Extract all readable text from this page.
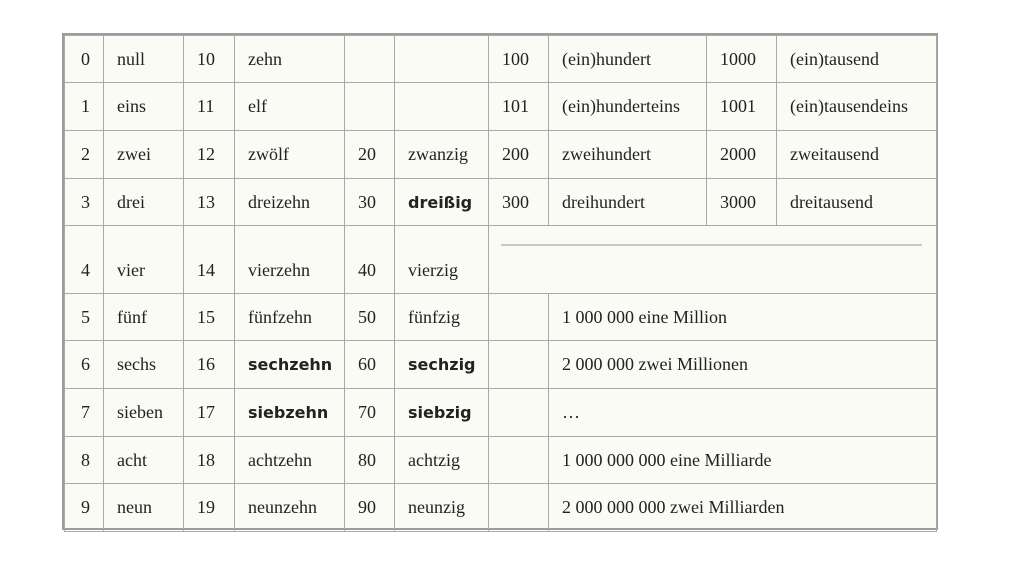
0	null	10	zehn			100	(ein)hundert	1000	(ein)tausend
1	eins	11	elf			101	(ein)hunderteins	1001	(ein)tausendeins
2	zwei	12	zwölf	20	zwanzig	200	zweihundert	2000	zweitausend
3	drei	13	dreizehn	30	dreißig	300	dreihundert	3000	dreitausend
4	vier	14	vierzehn	40	vierzig				

5	fünf	15	fünfzehn	50	fünfzig		1 000 000 eine Million		
6	sechs	16	sechzehn	60	sechzig		2 000 000 zwei Millionen		
7	sieben	17	siebzehn	70	siebzig		…		
8	acht	18	achtzehn	80	achtzig		1 000 000 000 eine Milliarde		
9	neun	19	neunzehn	90	neunzig		2 000 000 000 zwei Milliarden		
